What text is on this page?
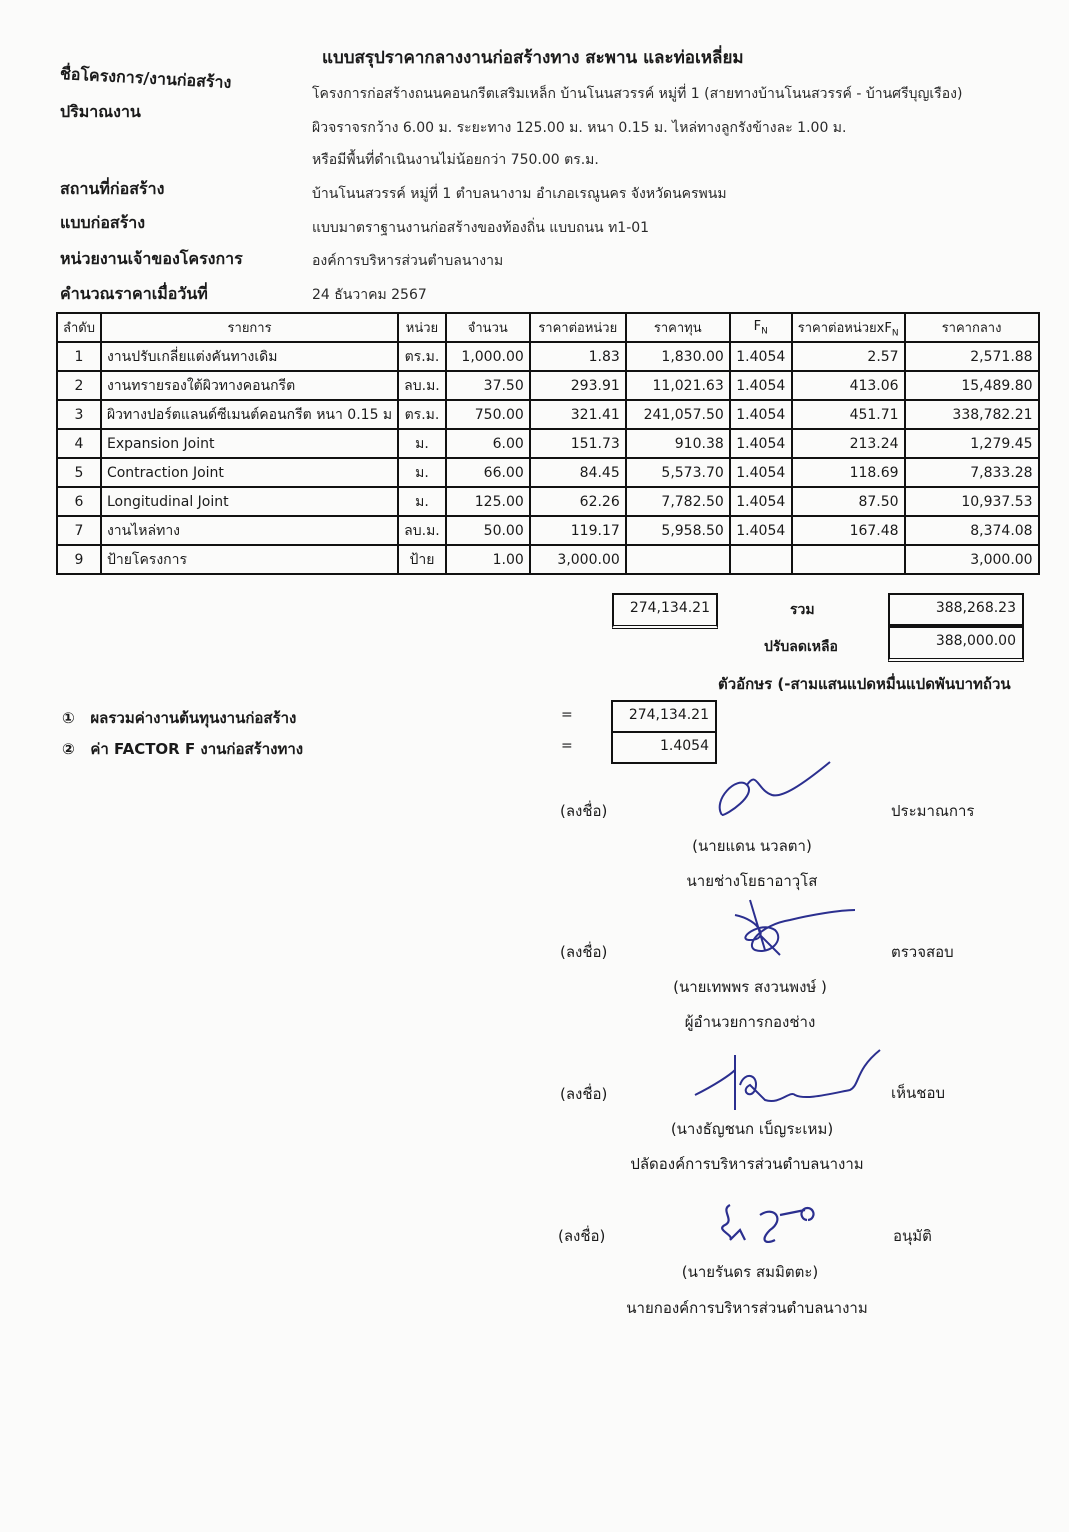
แบบสรุปราคากลางงานก่อสร้างทาง สะพาน และท่อเหลี่ยม
ชื่อโครงการ/งานก่อสร้าง
โครงการก่อสร้างถนนคอนกรีตเสริมเหล็ก บ้านโนนสวรรค์ หมู่ที่ 1 (สายทางบ้านโนนสวรรค์ - บ้านศรีบุญเรือง)
ปริมาณงาน
ผิวจราจรกว้าง 6.00 ม. ระยะทาง 125.00 ม. หนา 0.15 ม. ไหล่ทางลูกรังข้างละ 1.00 ม.
หรือมีพื้นที่ดำเนินงานไม่น้อยกว่า 750.00 ตร.ม.
สถานที่ก่อสร้าง	บ้านโนนสวรรค์ หมู่ที่ 1 ตำบลนางาม อำเภอเรณูนคร จังหวัดนครพนม
แบบก่อสร้าง	แบบมาตราฐานงานก่อสร้างของท้องถิ่น แบบถนน ท1-01
หน่วยงานเจ้าของโครงการ	องค์การบริหารส่วนตำบลนางาม
คำนวณราคาเมื่อวันที่	24 ธันวาคม 2567
ลำดับ	รายการ	หน่วย	จำนวน	ราคาต่อหน่วย	ราคาทุน	$F_N$	ราคาต่อหน่วย$xF_N$	ราคากลาง
1	งานปรับเกลี่ยแต่งคันทางเดิม	ตร.ม.	1,000.00	1.83	1,830.00	1.4054	2.57	2,571.88
2	งานทรายรองใต้ผิวทางคอนกรีต	ลบ.ม.	37.50	293.91	11,021.63	1.4054	413.06	15,489.80
3	ผิวทางปอร์ตแลนด์ซีเมนต์คอนกรีต หนา 0.15 ม	ตร.ม.	750.00	321.41	241,057.50	1.4054	451.71	338,782.21
4	Expansion Joint	ม.	6.00	151.73	910.38	1.4054	213.24	1,279.45
5	Contraction Joint	ม.	66.00	84.45	5,573.70	1.4054	118.69	7,833.28
6	Longitudinal Joint	ม.	125.00	62.26	7,782.50	1.4054	87.50	10,937.53
7	งานไหล่ทาง	ลบ.ม.	50.00	119.17	5,958.50	1.4054	167.48	8,374.08
9	ป้ายโครงการ	ป้าย	1.00	3,000.00				3,000.00
274,134.21	รวม	388,268.23
ปรับลดเหลือ	388,000.00
ตัวอักษร (-สามแสนแปดหมื่นแปดพันบาทถ้วน
① ผลรวมค่างานต้นทุนงานก่อสร้าง	=	274,134.21
② ค่า FACTOR F งานก่อสร้างทาง	=	1.4054
(ลงชื่อ)	ประมาณการ
(นายแดน นวลตา)
นายช่างโยธาอาวุโส
(ลงชื่อ)	ตรวจสอบ
(นายเทพพร สงวนพงษ์ )
ผู้อำนวยการกองช่าง
(ลงชื่อ)	เห็นชอบ
(นางธัญชนก เบ็ญระเหม)
ปลัดองค์การบริหารส่วนตำบลนางาม
(ลงชื่อ)	อนุมัติ
(นายรันดร สมมิตตะ)
นายกองค์การบริหารส่วนตำบลนางาม
